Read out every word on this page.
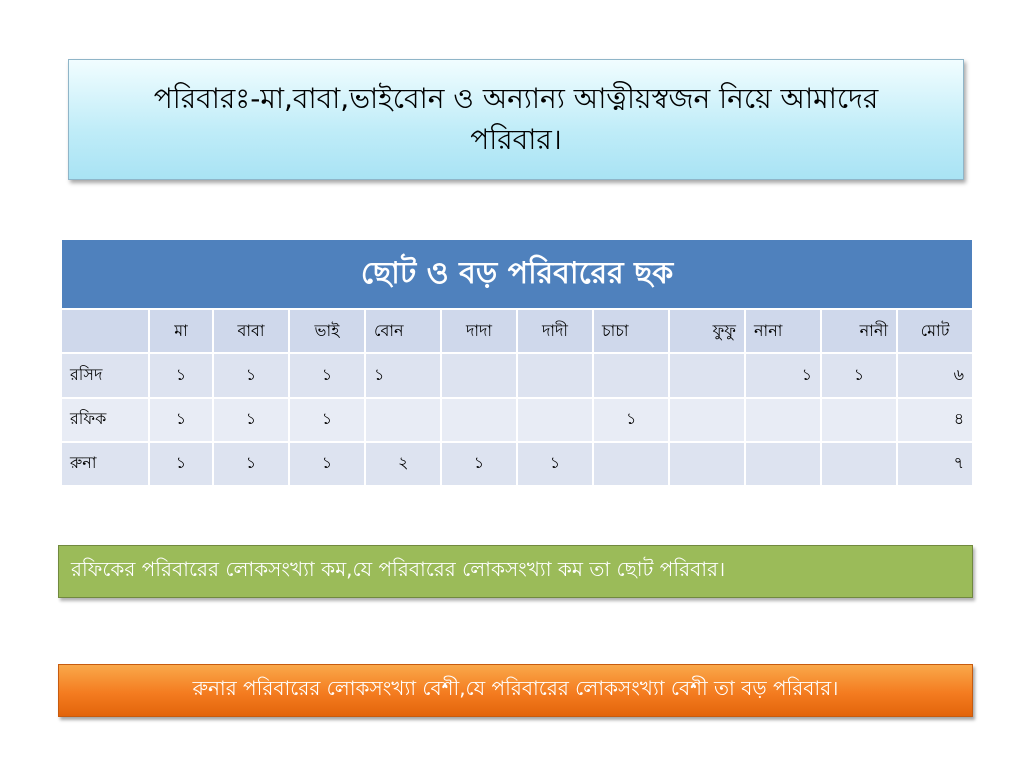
পরিবারঃ-মা,বাবা,ভাইবোন ও অন্যান্য আত্নীয়স্বজন নিয়ে আমাদের
পরিবার।
ছোট ও বড় পরিবারের ছক											
	মা	বাবা	ভাই	বোন	দাদা	দাদী	চাচা	ফুফু	নানা	নানী	মোট
রসিদ	১	১	১	১					১	১	৬
রফিক	১	১	১				১				৪
রুনা	১	১	১	২	১	১					৭
রফিকের পরিবারের লোকসংখ্যা কম,যে পরিবারের লোকসংখ্যা কম তা ছোট পরিবার।
রুনার পরিবারের লোকসংখ্যা বেশী,যে পরিবারের লোকসংখ্যা বেশী তা বড় পরিবার।
